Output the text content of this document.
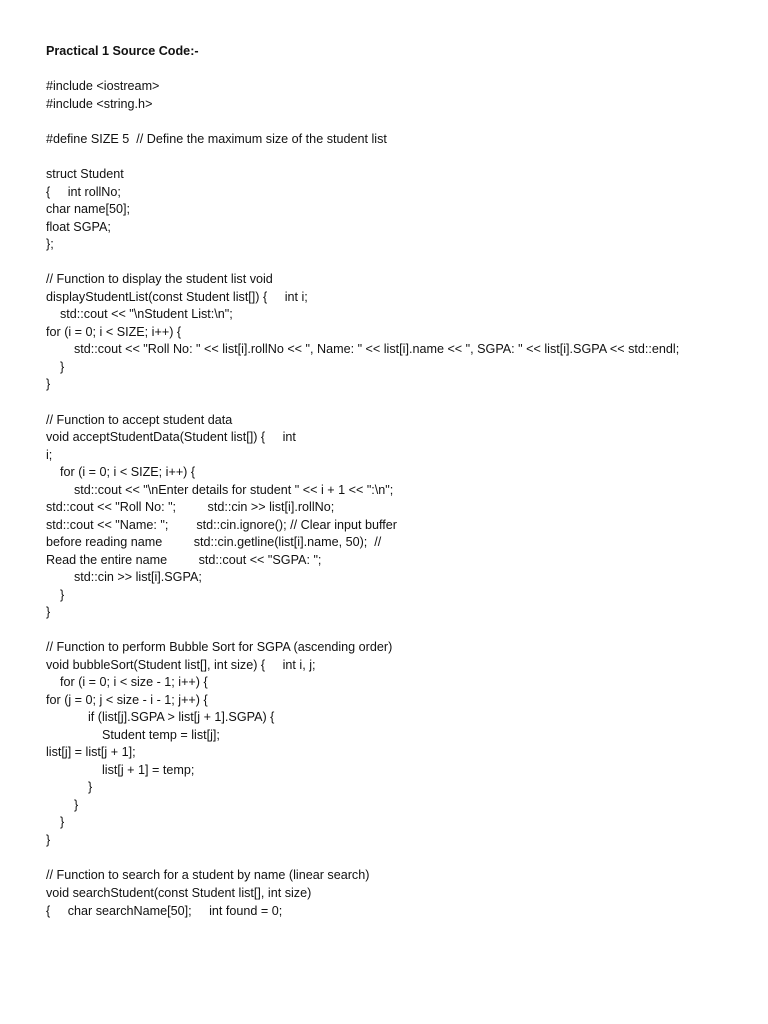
Practical 1 Source Code:-
#include <iostream>
#include <string.h>
#define SIZE 5  // Define the maximum size of the student list
struct Student
{     int rollNo;
char name[50];
float SGPA;
};
// Function to display the student list void
displayStudentList(const Student list[]) {     int i;
std::cout << "\nStudent List:\n";
for (i = 0; i < SIZE; i++) {
std::cout << "Roll No: " << list[i].rollNo << ", Name: " << list[i].name << ", SGPA: " << list[i].SGPA << std::endl;
}
}
// Function to accept student data
void acceptStudentData(Student list[]) {     int
i;
for (i = 0; i < SIZE; i++) {
std::cout << "\nEnter details for student " << i + 1 << ":\n";
std::cout << "Roll No: ";         std::cin >> list[i].rollNo;
std::cout << "Name: ";        std::cin.ignore(); // Clear input buffer
before reading name         std::cin.getline(list[i].name, 50);  //
Read the entire name         std::cout << "SGPA: ";
std::cin >> list[i].SGPA;
}
}
// Function to perform Bubble Sort for SGPA (ascending order)
void bubbleSort(Student list[], int size) {     int i, j;
for (i = 0; i < size - 1; i++) {
for (j = 0; j < size - i - 1; j++) {
if (list[j].SGPA > list[j + 1].SGPA) {
Student temp = list[j];
list[j] = list[j + 1];
list[j + 1] = temp;
}
}
}
}
// Function to search for a student by name (linear search)
void searchStudent(const Student list[], int size)
{     char searchName[50];     int found = 0;
